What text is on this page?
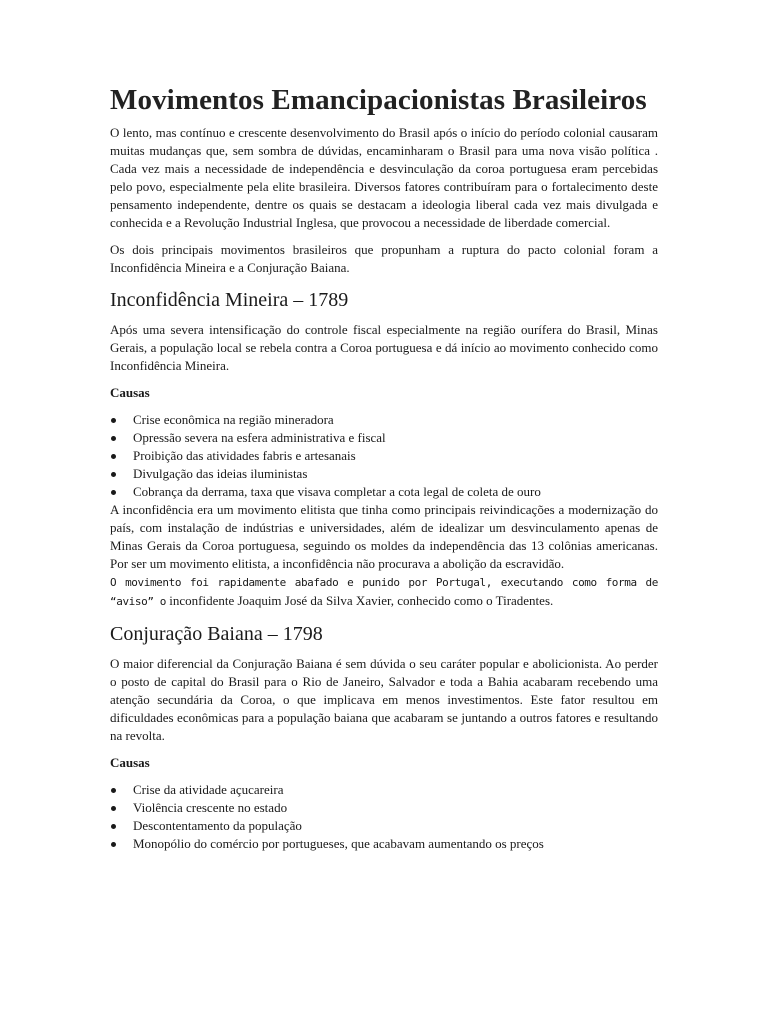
Movimentos Emancipacionistas Brasileiros

O lento, mas contínuo e crescente desenvolvimento do Brasil após o início do período colonial causaram muitas mudanças que, sem sombra de dúvidas, encaminharam o Brasil para uma nova visão política . Cada vez mais a necessidade de independência e desvinculação da coroa portuguesa eram percebidas pelo povo, especialmente pela elite brasileira. Diversos fatores contribuíram para o fortalecimento deste pensamento independente, dentre os quais se destacam a ideologia liberal cada vez mais divulgada e conhecida e a Revolução Industrial Inglesa, que provocou a necessidade de liberdade comercial.

Os dois principais movimentos brasileiros que propunham a ruptura do pacto colonial foram a Inconfidência Mineira e a Conjuração Baiana.

Inconfidência Mineira – 1789

Após uma severa intensificação do controle fiscal especialmente na região ourífera do Brasil, Minas Gerais, a população local se rebela contra a Coroa portuguesa e dá início ao movimento conhecido como Inconfidência Mineira.

Causas
Crise econômica na região mineradora
Opressão severa na esfera administrativa e fiscal
Proibição das atividades fabris e artesanais
Divulgação das ideias iluministas
Cobrança da derrama, taxa que visava completar a cota legal de coleta de ouro

A inconfidência era um movimento elitista que tinha como principais reivindicações a modernização do país, com instalação de indústrias e universidades, além de idealizar um desvinculamento apenas de Minas Gerais da Coroa portuguesa, seguindo os moldes da independência das 13 colônias americanas. Por ser um movimento elitista, a inconfidência não procurava a abolição da escravidão.

O movimento foi rapidamente abafado e punido por Portugal, executando como forma de “aviso” o inconfidente Joaquim José da Silva Xavier, conhecido como o Tiradentes.

Conjuração Baiana – 1798

O maior diferencial da Conjuração Baiana é sem dúvida o seu caráter popular e abolicionista. Ao perder o posto de capital do Brasil para o Rio de Janeiro, Salvador e toda a Bahia acabaram recebendo uma atenção secundária da Coroa, o que implicava em menos investimentos. Este fator resultou em dificuldades econômicas para a população baiana que acabaram se juntando a outros fatores e resultando na revolta.

Causas
Crise da atividade açucareira
Violência crescente no estado
Descontentamento da população
Monopólio do comércio por portugueses, que acabavam aumentando os preços
